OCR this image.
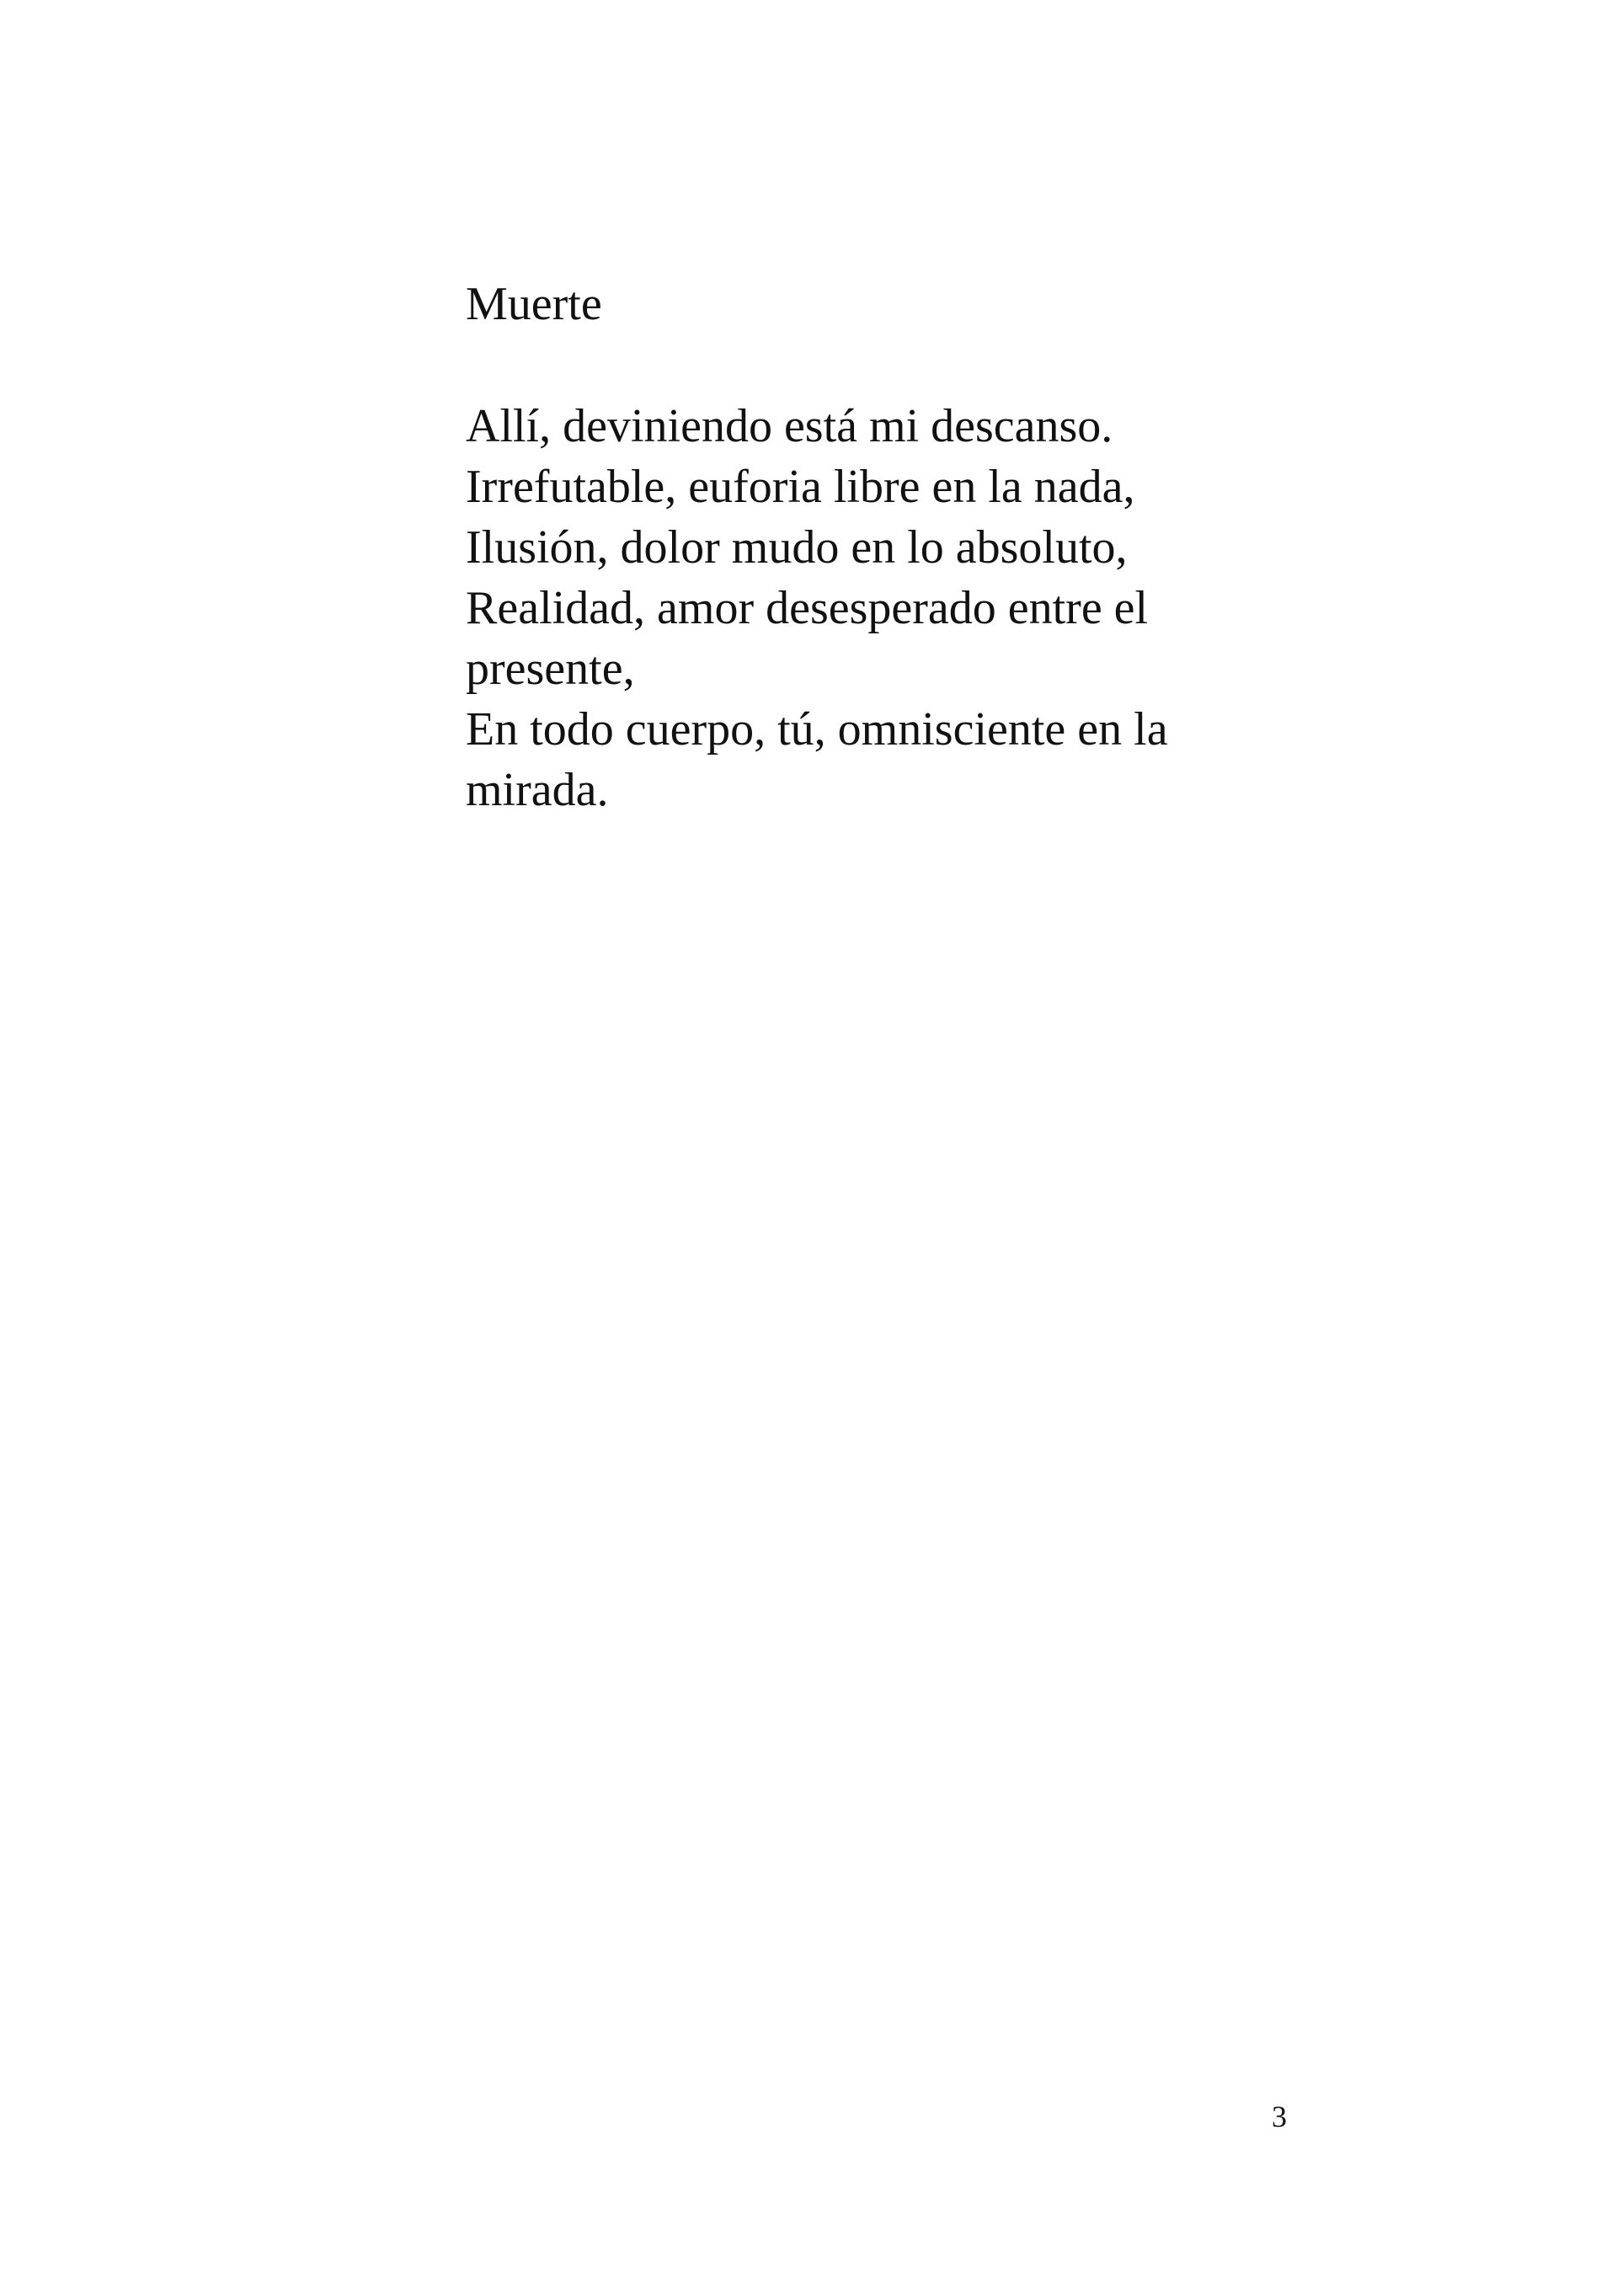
Muerte

Allí, deviniendo está mi descanso.

Irrefutable, euforia libre en la nada,

Ilusión, dolor mudo en lo absoluto,

Realidad, amor desesperado entre el

presente,

En todo cuerpo, tú, omnisciente en la

mirada.

3
